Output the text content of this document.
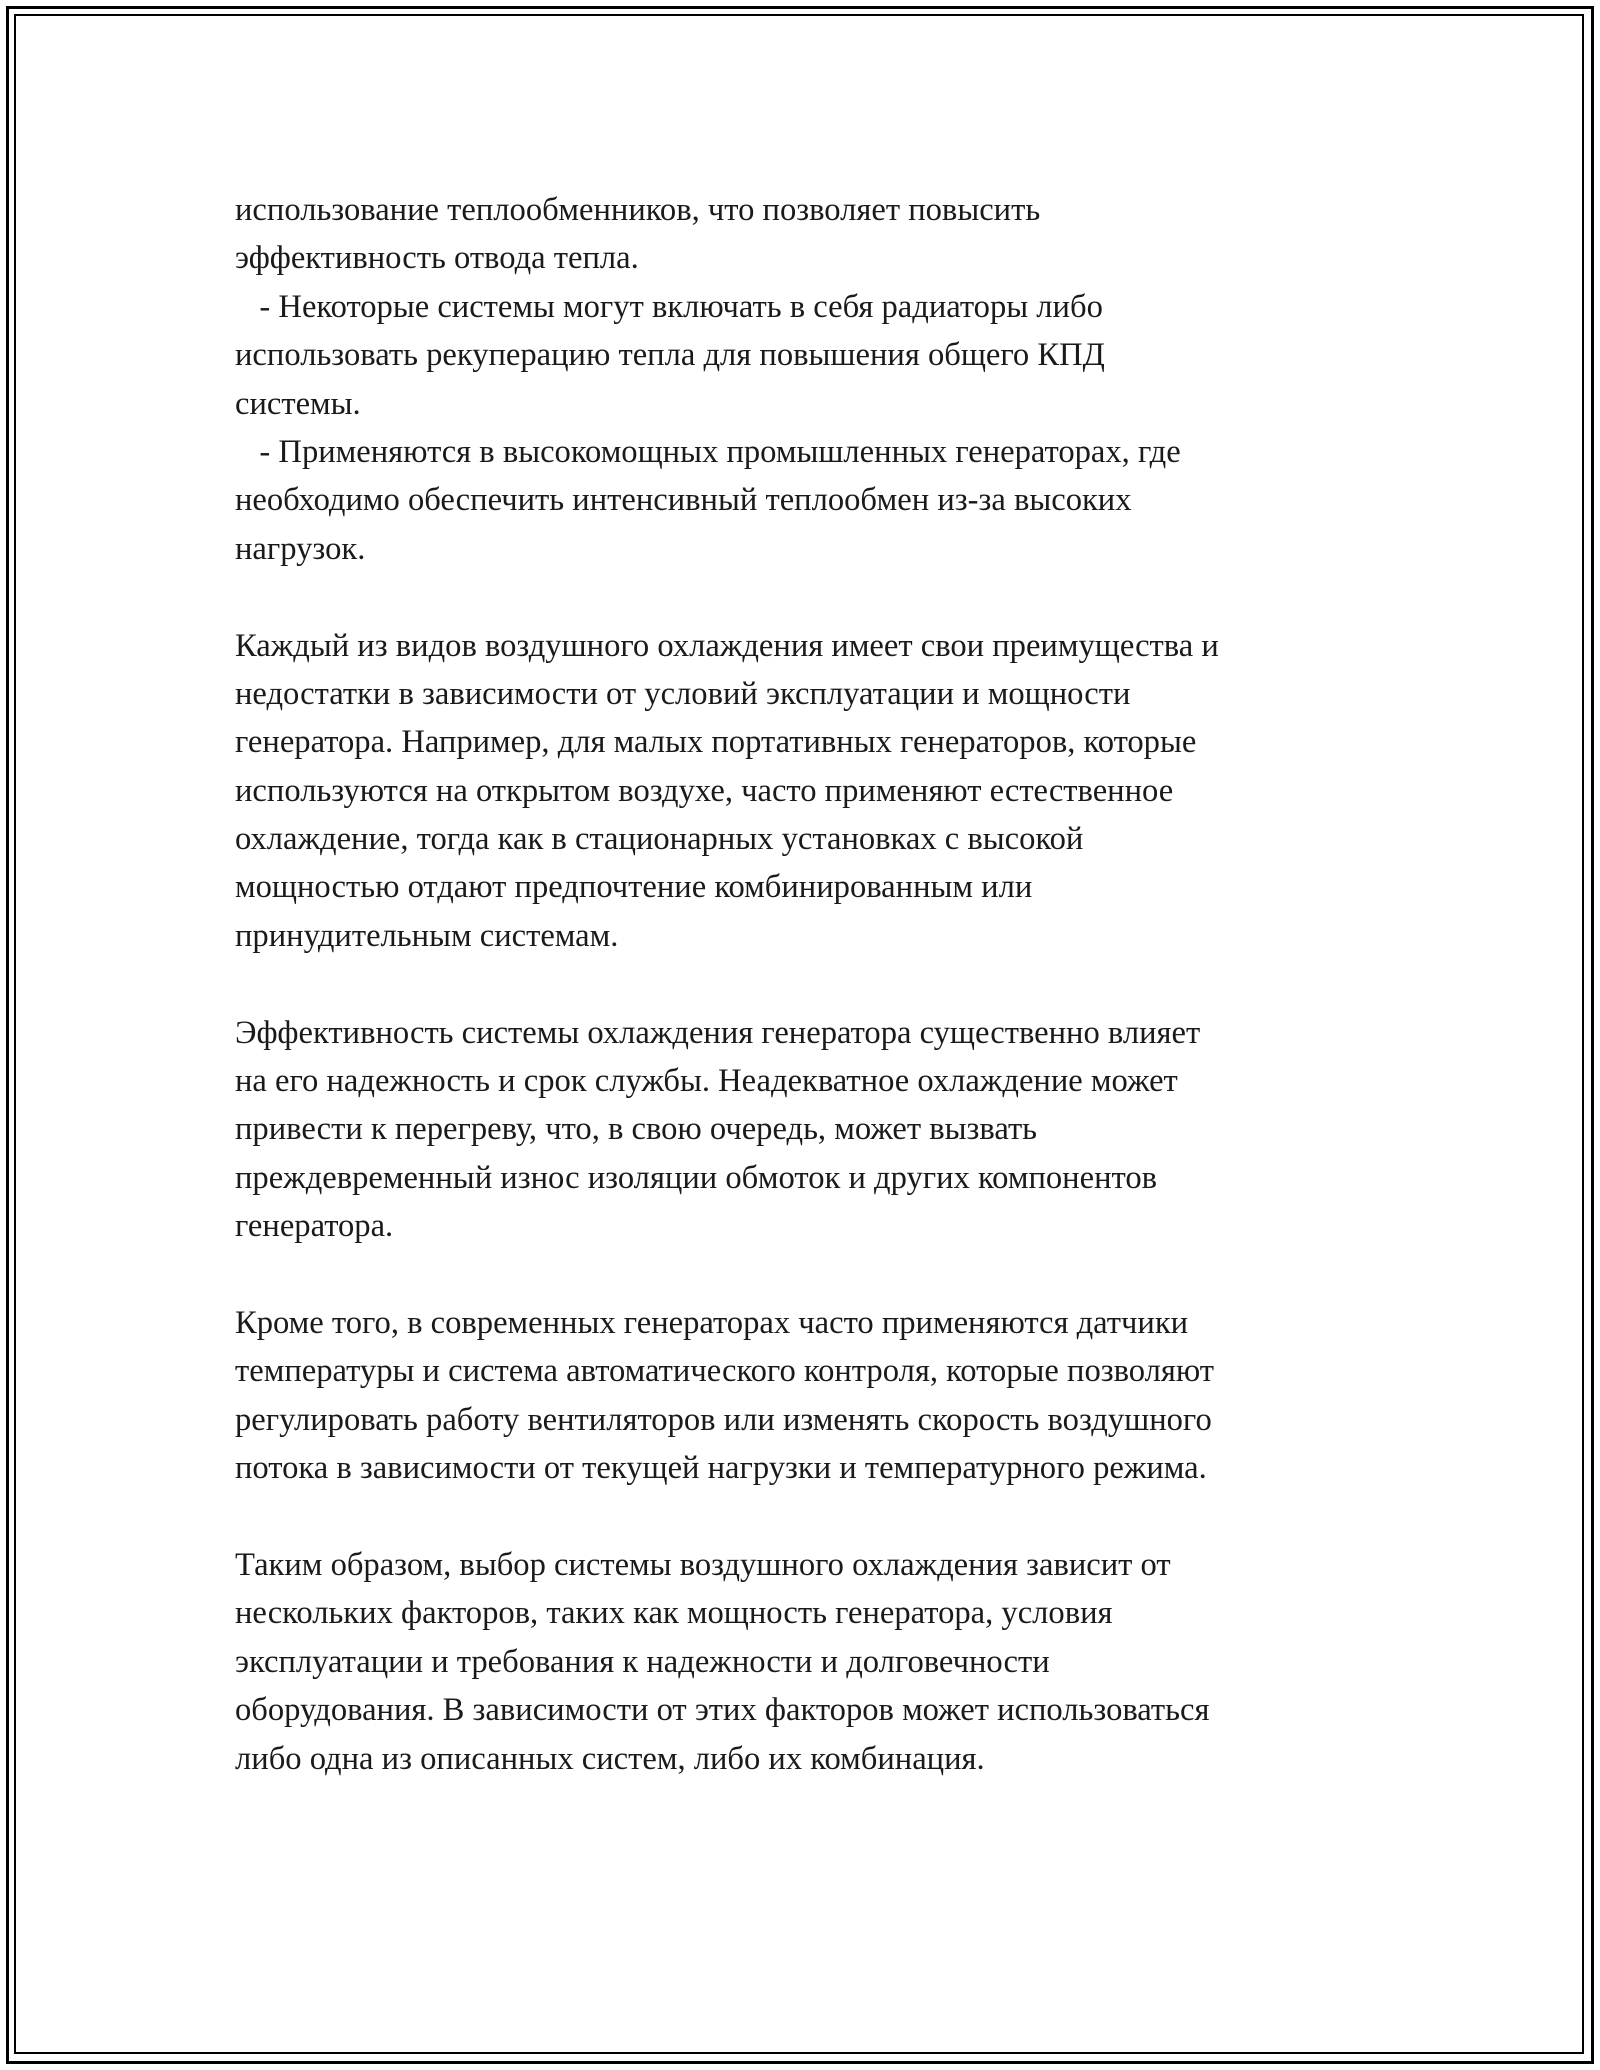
использование теплообменников, что позволяет повысить
эффективность отвода тепла.
- Некоторые системы могут включать в себя радиаторы либо
использовать рекуперацию тепла для повышения общего КПД
системы.
- Применяются в высокомощных промышленных генераторах, где
необходимо обеспечить интенсивный теплообмен из-за высоких
нагрузок.
Каждый из видов воздушного охлаждения имеет свои преимущества и
недостатки в зависимости от условий эксплуатации и мощности
генератора. Например, для малых портативных генераторов, которые
используются на открытом воздухе, часто применяют естественное
охлаждение, тогда как в стационарных установках с высокой
мощностью отдают предпочтение комбинированным или
принудительным системам.
Эффективность системы охлаждения генератора существенно влияет
на его надежность и срок службы. Неадекватное охлаждение может
привести к перегреву, что, в свою очередь, может вызвать
преждевременный износ изоляции обмоток и других компонентов
генератора.
Кроме того, в современных генераторах часто применяются датчики
температуры и система автоматического контроля, которые позволяют
регулировать работу вентиляторов или изменять скорость воздушного
потока в зависимости от текущей нагрузки и температурного режима.
Таким образом, выбор системы воздушного охлаждения зависит от
нескольких факторов, таких как мощность генератора, условия
эксплуатации и требования к надежности и долговечности
оборудования. В зависимости от этих факторов может использоваться
либо одна из описанных систем, либо их комбинация.
